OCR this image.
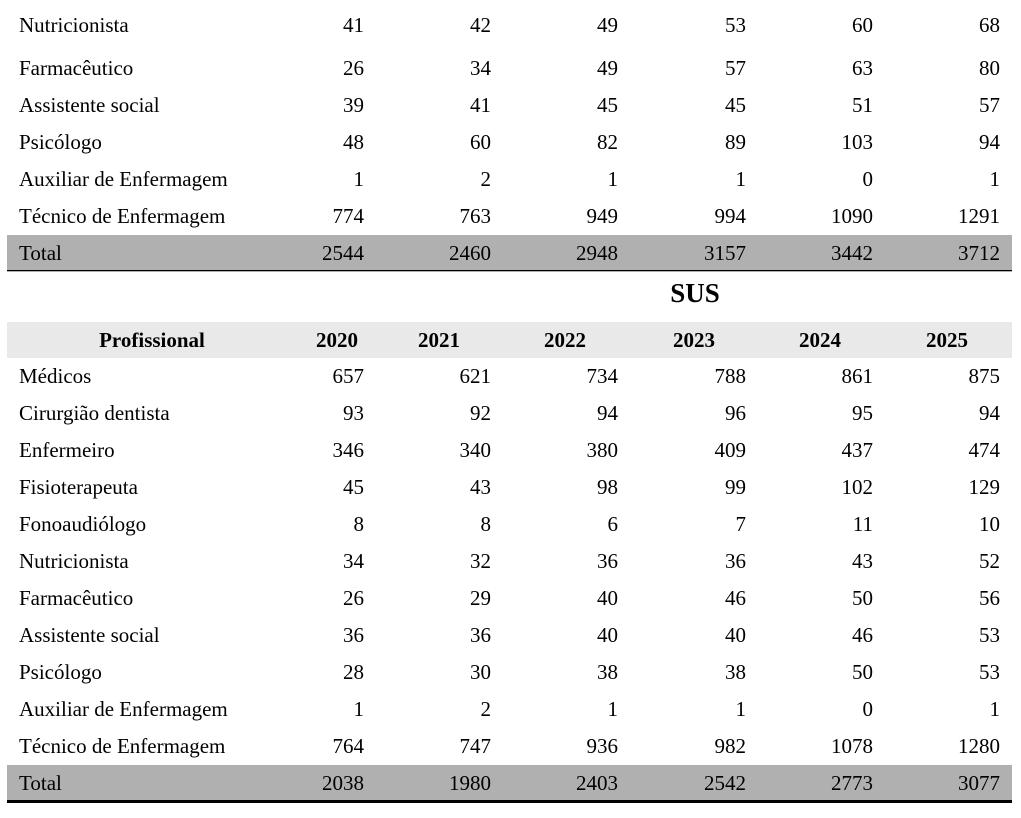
Nutricionista	41	42	49	53	60	68
Farmacêutico	26	34	49	57	63	80
Assistente social	39	41	45	45	51	57
Psicólogo	48	60	82	89	103	94
Auxiliar de Enfermagem	1	2	1	1	0	1
Técnico de Enfermagem	774	763	949	994	1090	1291
Total	2544	2460	2948	3157	3442	3712
SUS
Profissional	2020	2021	2022	2023	2024	2025
Médicos	657	621	734	788	861	875
Cirurgião dentista	93	92	94	96	95	94
Enfermeiro	346	340	380	409	437	474
Fisioterapeuta	45	43	98	99	102	129
Fonoaudiólogo	8	8	6	7	11	10
Nutricionista	34	32	36	36	43	52
Farmacêutico	26	29	40	46	50	56
Assistente social	36	36	40	40	46	53
Psicólogo	28	30	38	38	50	53
Auxiliar de Enfermagem	1	2	1	1	0	1
Técnico de Enfermagem	764	747	936	982	1078	1280
Total	2038	1980	2403	2542	2773	3077
